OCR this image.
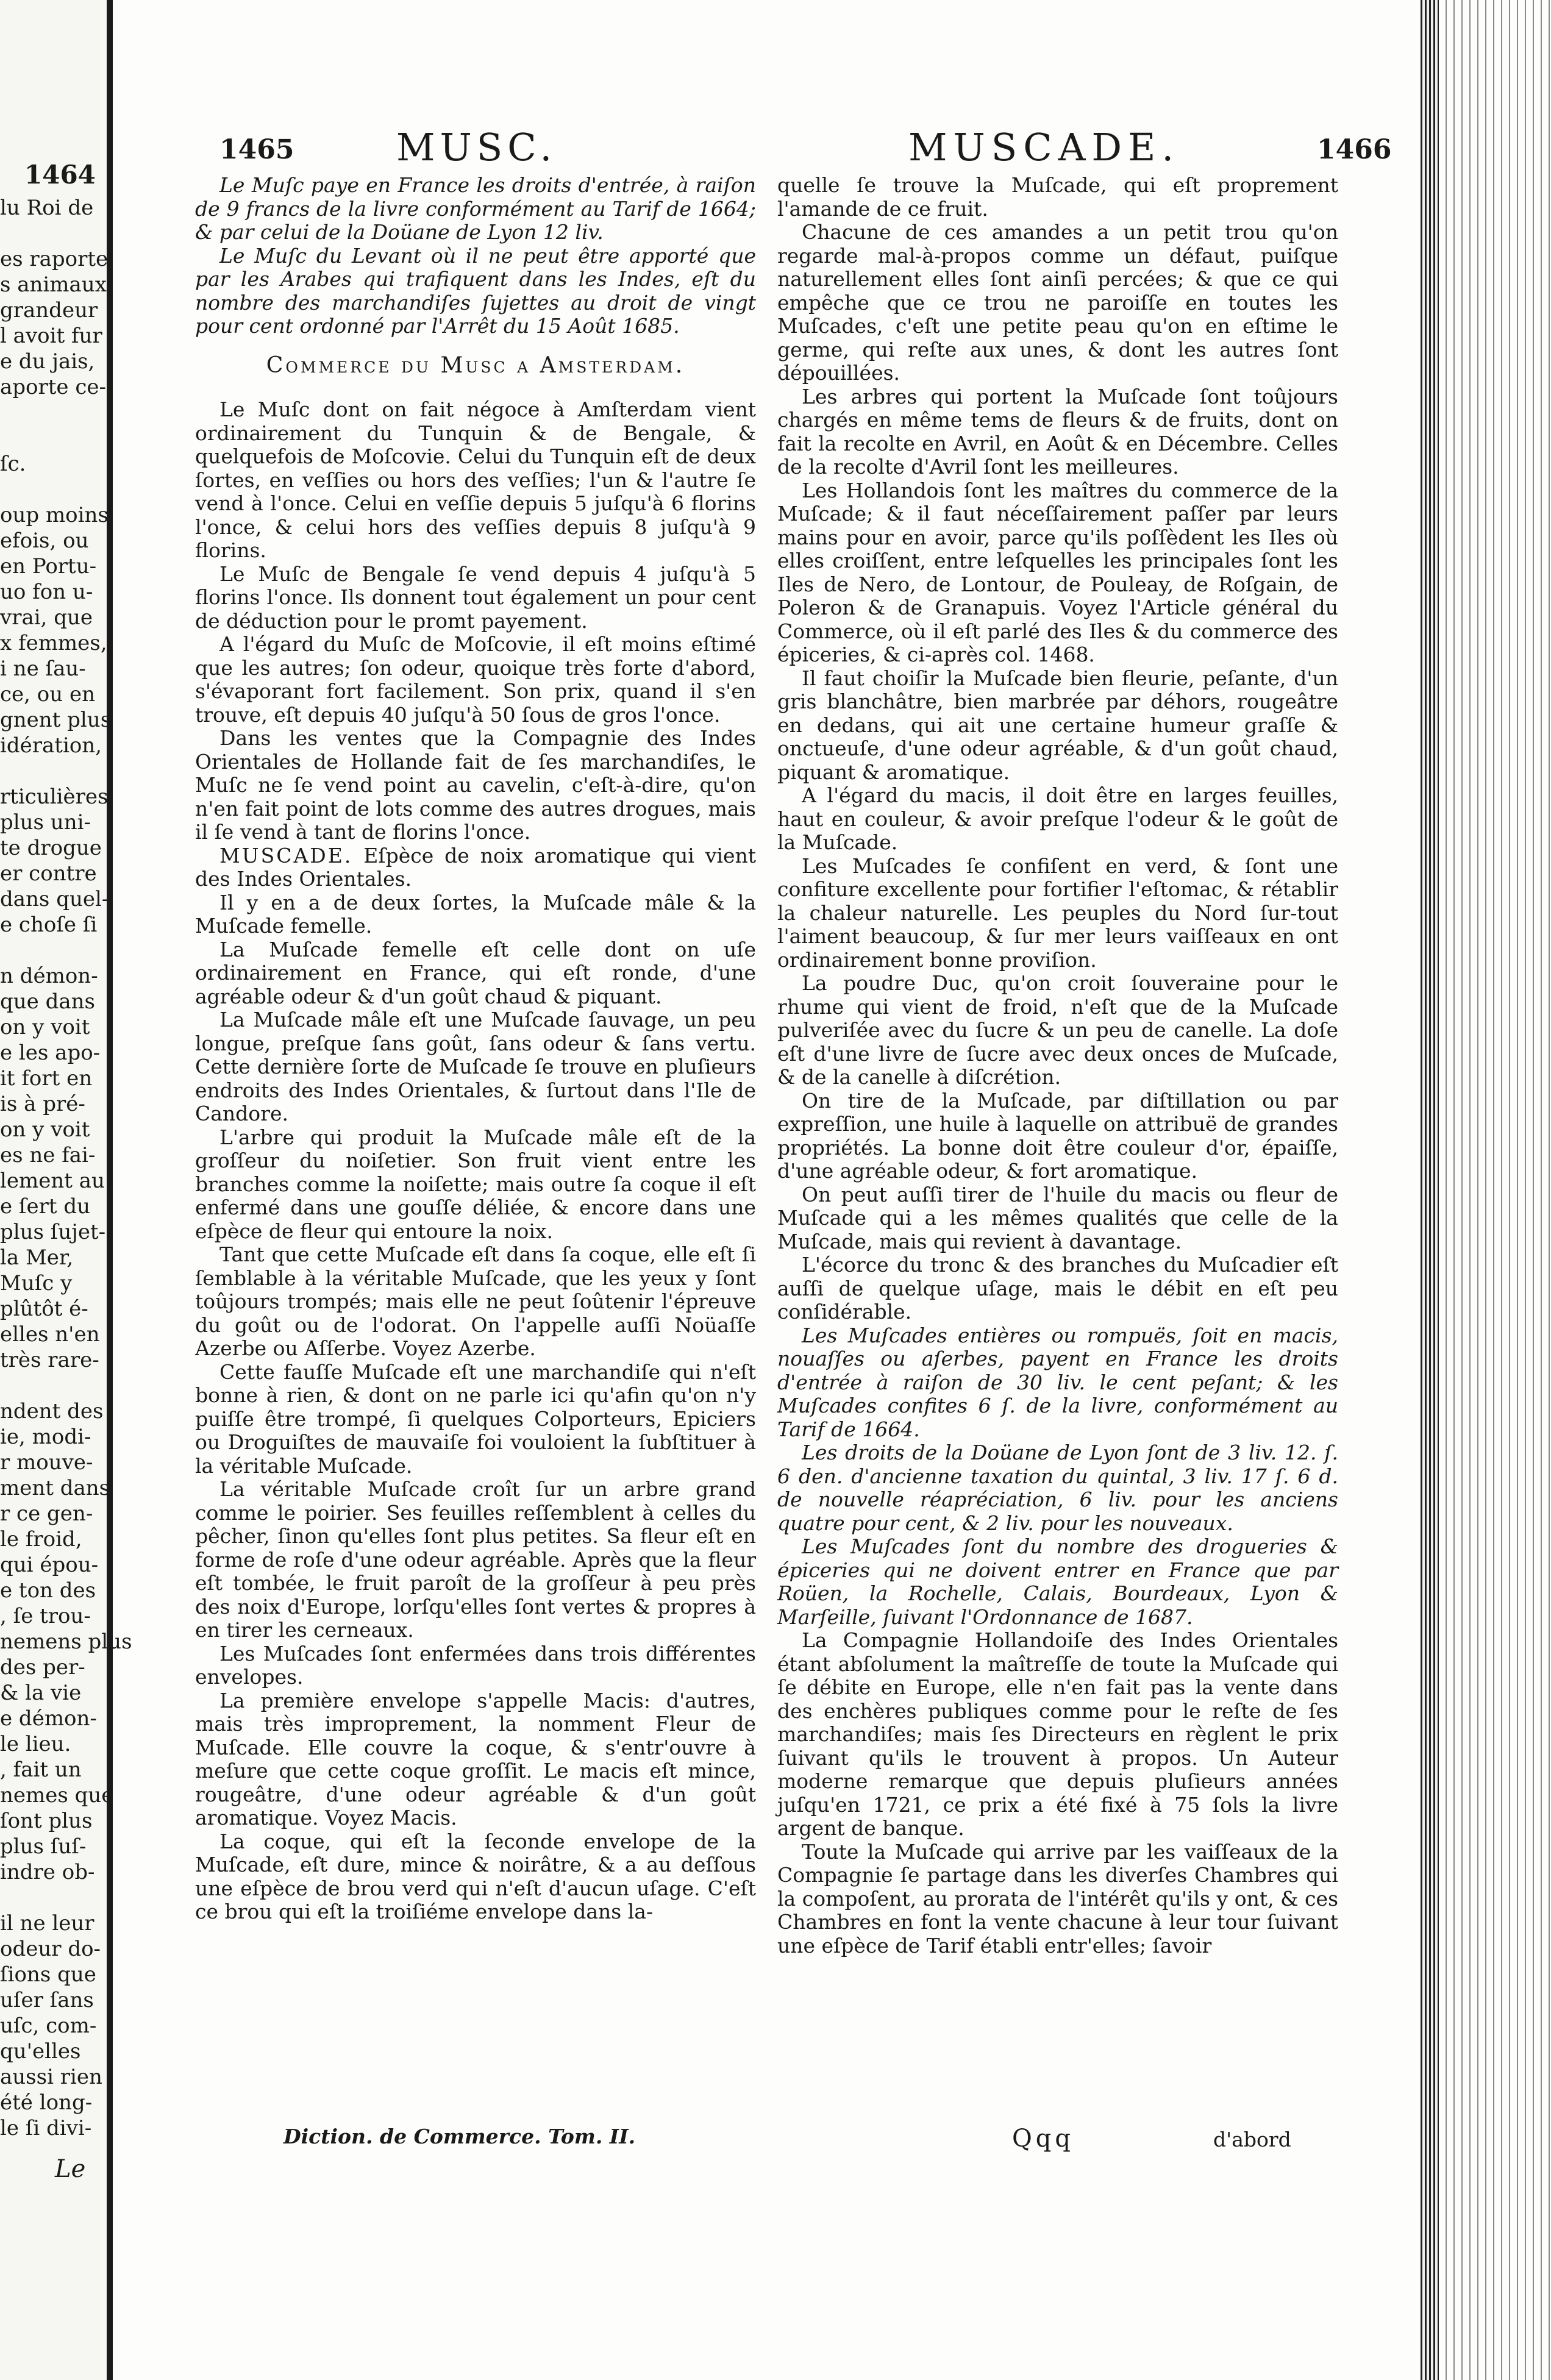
1464
lu Roi de

es raporte
s animaux
grandeur
l avoit fur
e du jais,
aporte ce-

ſc.

oup moins
efois, ou
en Portu-
uo fon u-
vrai, que
x femmes,
i ne ſau-
ce, ou en
gnent plus
idération,

rticulières
plus uni-
te drogue
er contre
dans quel-
e choſe ſi

n démon-
que dans
on y voit
e les apo-
it fort en
is à pré-
on y voit
es ne fai-
lement au
e ſert du
plus ſujet-
la Mer,
Muſc y
plûtôt é-
elles n'en
très rare-

ndent des
ie, modi-
r mouve-
ment dans
r ce gen-
le froid,
qui épou-
e ton des
, ſe trou-
nemens plus
des per-
& la vie
e démon-
le lieu.
, fait un
nemes que
ſont plus
plus ſuſ-
indre ob-

il ne leur
odeur do-
ſions que
uſer ſans
uſc, com-
qu'elles
aussi rien
été long-
le ſi divi-
Le
1465	MUSC.	MUSCADE.	1466

Le Muſc paye en France les droits d'entrée, à raiſon de 9 francs de la livre conformément au Tarif de 1664; & par celui de la Doüane de Lyon 12 liv.

Le Muſc du Levant où il ne peut être apporté que par les Arabes qui trafiquent dans les Indes, eſt du nombre des marchandiſes ſujettes au droit de vingt pour cent ordonné par l'Arrêt du 15 Août 1685.

Commerce du Musc a Amsterdam.

Le Muſc dont on fait négoce à Amſterdam vient ordinairement du Tunquin & de Bengale, & quelquefois de Moſcovie. Celui du Tunquin eſt de deux ſortes, en veſſies ou hors des veſſies; l'un & l'autre ſe vend à l'once. Celui en veſſie depuis 5 juſqu'à 6 florins l'once, & celui hors des veſſies depuis 8 juſqu'à 9 florins.

Le Muſc de Bengale ſe vend depuis 4 juſqu'à 5 florins l'once. Ils donnent tout également un pour cent de déduction pour le promt payement.

A l'égard du Muſc de Moſcovie, il eſt moins eſtimé que les autres; ſon odeur, quoique très forte d'abord, s'évaporant fort facilement. Son prix, quand il s'en trouve, eſt depuis 40 juſqu'à 50 ſous de gros l'once.

Dans les ventes que la Compagnie des Indes Orientales de Hollande fait de ſes marchandiſes, le Muſc ne ſe vend point au cavelin, c'eſt-à-dire, qu'on n'en fait point de lots comme des autres drogues, mais il ſe vend à tant de florins l'once.

MUSCADE. Eſpèce de noix aromatique qui vient des Indes Orientales.

Il y en a de deux ſortes, la Muſcade mâle & la Muſcade femelle.

La Muſcade femelle eſt celle dont on uſe ordinairement en France, qui eſt ronde, d'une agréable odeur & d'un goût chaud & piquant.

La Muſcade mâle eſt une Muſcade ſauvage, un peu longue, preſque ſans goût, ſans odeur & ſans vertu. Cette dernière ſorte de Muſcade ſe trouve en pluſieurs endroits des Indes Orientales, & ſurtout dans l'Ile de Candore.

L'arbre qui produit la Muſcade mâle eſt de la groſſeur du noiſetier. Son fruit vient entre les branches comme la noiſette; mais outre ſa coque il eſt enfermé dans une gouſſe déliée, & encore dans une eſpèce de fleur qui entoure la noix.

Tant que cette Muſcade eſt dans ſa coque, elle eſt ſi ſemblable à la véritable Muſcade, que les yeux y ſont toûjours trompés; mais elle ne peut ſoûtenir l'épreuve du goût ou de l'odorat. On l'appelle auſſi Noüaſſe Azerbe ou Aſſerbe. Voyez Azerbe.

Cette fauſſe Muſcade eſt une marchandiſe qui n'eſt bonne à rien, & dont on ne parle ici qu'afin qu'on n'y puiſſe être trompé, ſi quelques Colporteurs, Epiciers ou Droguiſtes de mauvaiſe foi vouloient la ſubſtituer à la véritable Muſcade.

La véritable Muſcade croît ſur un arbre grand comme le poirier. Ses feuilles reſſemblent à celles du pêcher, ſinon qu'elles ſont plus petites. Sa fleur eſt en forme de roſe d'une odeur agréable. Après que la fleur eſt tombée, le fruit paroît de la groſſeur à peu près des noix d'Europe, lorſqu'elles ſont vertes & propres à en tirer les cerneaux.

Les Muſcades ſont enfermées dans trois différentes envelopes.

La première envelope s'appelle Macis: d'autres, mais très improprement, la nomment Fleur de Muſcade. Elle couvre la coque, & s'entr'ouvre à meſure que cette coque groſſit. Le macis eſt mince, rougeâtre, d'une odeur agréable & d'un goût aromatique. Voyez Macis.

La coque, qui eſt la ſeconde envelope de la Muſcade, eſt dure, mince & noirâtre, & a au deſſous une eſpèce de brou verd qui n'eſt d'aucun uſage. C'eſt ce brou qui eſt la troiſiéme envelope dans la-

quelle ſe trouve la Muſcade, qui eſt proprement l'amande de ce fruit.

Chacune de ces amandes a un petit trou qu'on regarde mal-à-propos comme un défaut, puiſque naturellement elles ſont ainſi percées; & que ce qui empêche que ce trou ne paroiſſe en toutes les Muſcades, c'eſt une petite peau qu'on en eſtime le germe, qui reſte aux unes, & dont les autres ſont dépouillées.

Les arbres qui portent la Muſcade ſont toûjours chargés en même tems de fleurs & de fruits, dont on fait la recolte en Avril, en Août & en Décembre. Celles de la recolte d'Avril ſont les meilleures.

Les Hollandois ſont les maîtres du commerce de la Muſcade; & il faut néceſſairement paſſer par leurs mains pour en avoir, parce qu'ils poſſèdent les Iles où elles croiſſent, entre leſquelles les principales ſont les Iles de Nero, de Lontour, de Pouleay, de Roſgain, de Poleron & de Granapuis. Voyez l'Article général du Commerce, où il eſt parlé des Iles & du commerce des épiceries, & ci-après col. 1468.

Il faut choiſir la Muſcade bien fleurie, peſante, d'un gris blanchâtre, bien marbrée par déhors, rougeâtre en dedans, qui ait une certaine humeur graſſe & onctueuſe, d'une odeur agréable, & d'un goût chaud, piquant & aromatique.

A l'égard du macis, il doit être en larges feuilles, haut en couleur, & avoir preſque l'odeur & le goût de la Muſcade.

Les Muſcades ſe confiſent en verd, & ſont une confiture excellente pour fortifier l'eſtomac, & rétablir la chaleur naturelle. Les peuples du Nord ſur-tout l'aiment beaucoup, & ſur mer leurs vaiſſeaux en ont ordinairement bonne proviſion.

La poudre Duc, qu'on croit ſouveraine pour le rhume qui vient de froid, n'eſt que de la Muſcade pulveriſée avec du ſucre & un peu de canelle. La doſe eſt d'une livre de ſucre avec deux onces de Muſcade, & de la canelle à diſcrétion.

On tire de la Muſcade, par diſtillation ou par expreſſion, une huile à laquelle on attribuë de grandes propriétés. La bonne doit être couleur d'or, épaiſſe, d'une agréable odeur, & fort aromatique.

On peut auſſi tirer de l'huile du macis ou fleur de Muſcade qui a les mêmes qualités que celle de la Muſcade, mais qui revient à davantage.

L'écorce du tronc & des branches du Muſcadier eſt auſſi de quelque uſage, mais le débit en eſt peu conſidérable.

Les Muſcades entières ou rompuës, ſoit en macis, nouaſſes ou aſerbes, payent en France les droits d'entrée à raiſon de 30 liv. le cent peſant; & les Muſcades confites 6 ſ. de la livre, conformément au Tarif de 1664.

Les droits de la Doüane de Lyon ſont de 3 liv. 12. ſ. 6 den. d'ancienne taxation du quintal, 3 liv. 17 ſ. 6 d. de nouvelle réapréciation, 6 liv. pour les anciens quatre pour cent, & 2 liv. pour les nouveaux.

Les Muſcades ſont du nombre des drogueries & épiceries qui ne doivent entrer en France que par Roüen, la Rochelle, Calais, Bourdeaux, Lyon & Marſeille, ſuivant l'Ordonnance de 1687.

La Compagnie Hollandoiſe des Indes Orientales étant abſolument la maîtreſſe de toute la Muſcade qui ſe débite en Europe, elle n'en fait pas la vente dans des enchères publiques comme pour le reſte de ſes marchandiſes; mais ſes Directeurs en règlent le prix ſuivant qu'ils le trouvent à propos. Un Auteur moderne remarque que depuis pluſieurs années juſqu'en 1721, ce prix a été fixé à 75 ſols la livre argent de banque.

Toute la Muſcade qui arrive par les vaiſſeaux de la Compagnie ſe partage dans les diverſes Chambres qui la compoſent, au prorata de l'intérêt qu'ils y ont, & ces Chambres en font la vente chacune à leur tour ſuivant une eſpèce de Tarif établi entr'elles; ſavoir

Diction. de Commerce. Tom. II.	Qqq	d'abord
